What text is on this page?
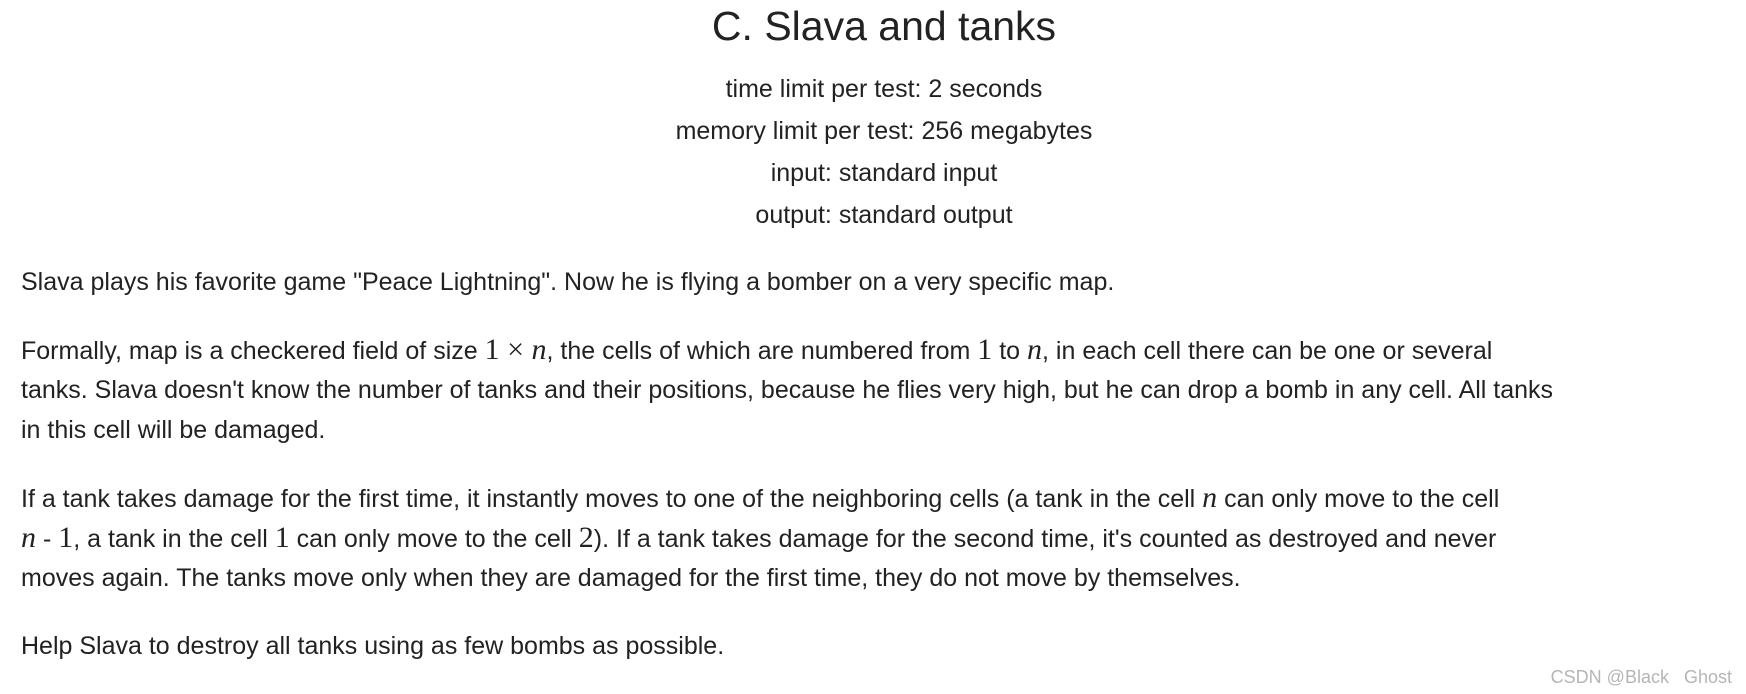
C. Slava and tanks
time limit per test: 2 seconds
memory limit per test: 256 megabytes
input: standard input
output: standard output
Slava plays his favorite game "Peace Lightning". Now he is flying a bomber on a very specific map.
Formally, map is a checkered field of size 1 × n, the cells of which are numbered from 1 to n, in each cell there can be one or several
tanks. Slava doesn't know the number of tanks and their positions, because he flies very high, but he can drop a bomb in any cell. All tanks
in this cell will be damaged.
If a tank takes damage for the first time, it instantly moves to one of the neighboring cells (a tank in the cell n can only move to the cell
n - 1, a tank in the cell 1 can only move to the cell 2). If a tank takes damage for the second time, it's counted as destroyed and never
moves again. The tanks move only when they are damaged for the first time, they do not move by themselves.
Help Slava to destroy all tanks using as few bombs as possible.
CSDN @Black   Ghost
